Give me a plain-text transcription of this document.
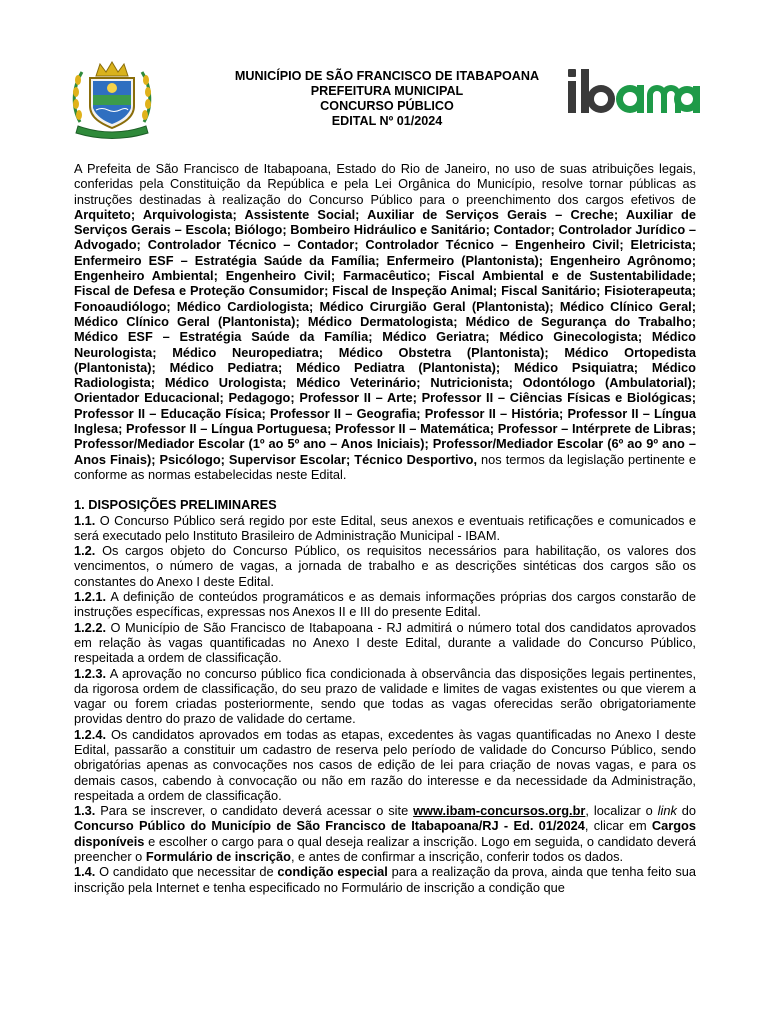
MUNICÍPIO DE SÃO FRANCISCO DE ITABAPOANA
PREFEITURA MUNICIPAL
CONCURSO PÚBLICO
EDITAL Nº 01/2024

A Prefeita de São Francisco de Itabapoana, Estado do Rio de Janeiro, no uso de suas atribuições legais, conferidas pela Constituição da República e pela Lei Orgânica do Município, resolve tornar públicas as instruções destinadas à realização do Concurso Público para o preenchimento dos cargos efetivos de Arquiteto; Arquivologista; Assistente Social; Auxiliar de Serviços Gerais – Creche; Auxiliar de Serviços Gerais – Escola; Biólogo; Bombeiro Hidráulico e Sanitário; Contador; Controlador Jurídico – Advogado; Controlador Técnico – Contador; Controlador Técnico – Engenheiro Civil; Eletricista; Enfermeiro ESF – Estratégia Saúde da Família; Enfermeiro (Plantonista); Engenheiro Agrônomo; Engenheiro Ambiental; Engenheiro Civil; Farmacêutico; Fiscal Ambiental e de Sustentabilidade; Fiscal de Defesa e Proteção Consumidor; Fiscal de Inspeção Animal; Fiscal Sanitário; Fisioterapeuta; Fonoaudiólogo; Médico Cardiologista; Médico Cirurgião Geral (Plantonista); Médico Clínico Geral; Médico Clínico Geral (Plantonista); Médico Dermatologista; Médico de Segurança do Trabalho; Médico ESF – Estratégia Saúde da Família; Médico Geriatra; Médico Ginecologista; Médico Neurologista; Médico Neuropediatra; Médico Obstetra (Plantonista); Médico Ortopedista (Plantonista); Médico Pediatra; Médico Pediatra (Plantonista); Médico Psiquiatra; Médico Radiologista; Médico Urologista; Médico Veterinário; Nutricionista; Odontólogo (Ambulatorial); Orientador Educacional; Pedagogo; Professor II – Arte; Professor II – Ciências Físicas e Biológicas; Professor II – Educação Física; Professor II – Geografia; Professor II – História; Professor II – Língua Inglesa; Professor II – Língua Portuguesa; Professor II – Matemática; Professor – Intérprete de Libras; Professor/Mediador Escolar (1º ao 5º ano – Anos Iniciais); Professor/Mediador Escolar (6º ao 9º ano – Anos Finais); Psicólogo; Supervisor Escolar; Técnico Desportivo, nos termos da legislação pertinente e conforme as normas estabelecidas neste Edital.

1. DISPOSIÇÕES PRELIMINARES

1.1. O Concurso Público será regido por este Edital, seus anexos e eventuais retificações e comunicados e será executado pelo Instituto Brasileiro de Administração Municipal - IBAM.

1.2. Os cargos objeto do Concurso Público, os requisitos necessários para habilitação, os valores dos vencimentos, o número de vagas, a jornada de trabalho e as descrições sintéticas dos cargos são os constantes do Anexo I deste Edital.

1.2.1. A definição de conteúdos programáticos e as demais informações próprias dos cargos constarão de instruções específicas, expressas nos Anexos II e III do presente Edital.

1.2.2. O Município de São Francisco de Itabapoana - RJ admitirá o número total dos candidatos aprovados em relação às vagas quantificadas no Anexo I deste Edital, durante a validade do Concurso Público, respeitada a ordem de classificação.

1.2.3. A aprovação no concurso público fica condicionada à observância das disposições legais pertinentes, da rigorosa ordem de classificação, do seu prazo de validade e limites de vagas existentes ou que vierem a vagar ou forem criadas posteriormente, sendo que todas as vagas oferecidas serão obrigatoriamente providas dentro do prazo de validade do certame.

1.2.4. Os candidatos aprovados em todas as etapas, excedentes às vagas quantificadas no Anexo I deste Edital, passarão a constituir um cadastro de reserva pelo período de validade do Concurso Público, sendo obrigatórias apenas as convocações nos casos de edição de lei para criação de novas vagas, e para os demais casos, cabendo à convocação ou não em razão do interesse e da necessidade da Administração, respeitada a ordem de classificação.

1.3. Para se inscrever, o candidato deverá acessar o site www.ibam-concursos.org.br, localizar o link do Concurso Público do Município de São Francisco de Itabapoana/RJ - Ed. 01/2024, clicar em Cargos disponíveis e escolher o cargo para o qual deseja realizar a inscrição. Logo em seguida, o candidato deverá preencher o Formulário de inscrição, e antes de confirmar a inscrição, conferir todos os dados.

1.4. O candidato que necessitar de condição especial para a realização da prova, ainda que tenha feito sua inscrição pela Internet e tenha especificado no Formulário de inscrição a condição que
